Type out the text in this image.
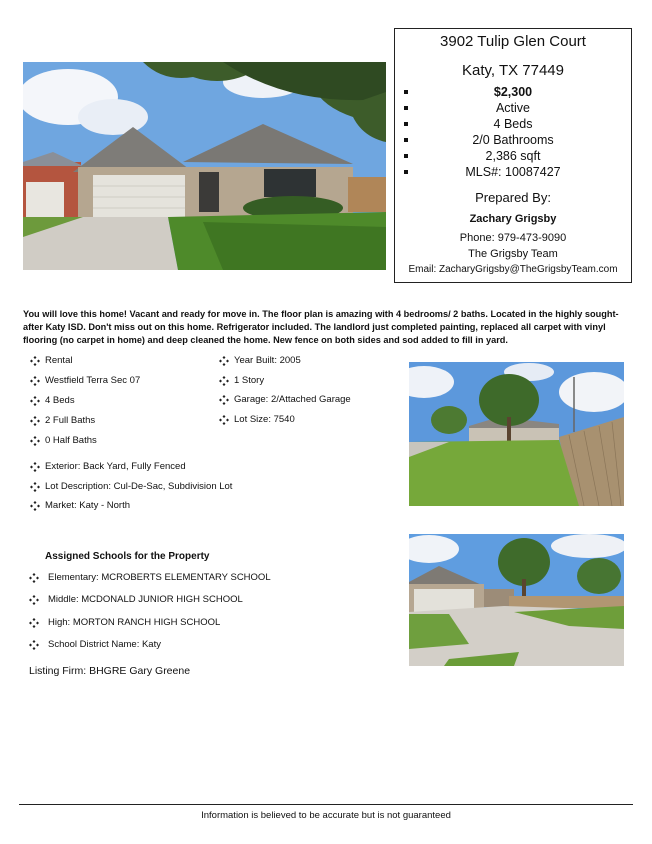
3902 Tulip Glen Court
Katy, TX 77449
$2,300
Active
4 Beds
2/0 Bathrooms
2,386 sqft
MLS#: 10087427
Prepared By:
Zachary Grigsby
Phone: 979-473-9090
The Grigsby Team
Email: ZacharyGrigsby@TheGrigsbyTeam.com

You will love this home! Vacant and ready for move in. The floor plan is amazing with 4 bedrooms/ 2 baths. Located in the highly sought-after Katy ISD. Don't miss out on this home. Refrigerator included. The landlord just completed painting, replaced all carpet with vinyl flooring (no carpet in home) and deep cleaned the home. New fence on both sides and sod added to fill in yard.

Rental
Westfield Terra Sec 07
4 Beds
2 Full Baths
0 Half Baths
Year Built: 2005
1 Story
Garage: 2/Attached Garage
Lot Size: 7540
Exterior: Back Yard, Fully Fenced
Lot Description: Cul-De-Sac, Subdivision Lot
Market: Katy - North
Assigned Schools for the Property
Elementary: MCROBERTS ELEMENTARY SCHOOL
Middle: MCDONALD JUNIOR HIGH SCHOOL
High: MORTON RANCH HIGH SCHOOL
School District Name: Katy
Listing Firm: BHGRE Gary Greene
Information is believed to be accurate but is not guaranteed
